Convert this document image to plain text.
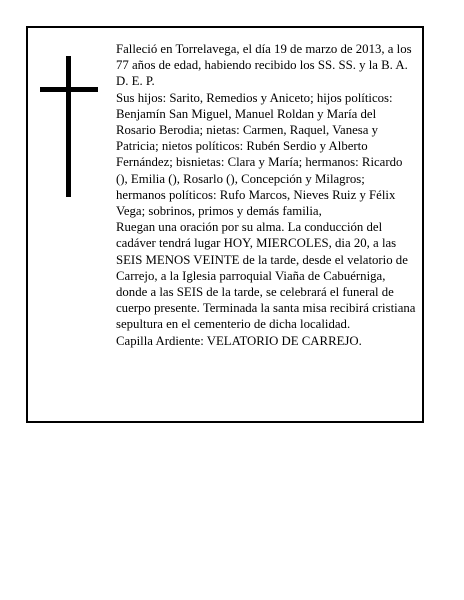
Falleció en Torrelavega, el día 19 de marzo de 2013, a los 77 años de edad, habiendo recibido los SS. SS. y la B. A.

D. E. P.

Sus hijos: Sarito, Remedios y Aniceto; hijos políticos: Benjamín San Miguel, Manuel Roldan y María del Rosario Berodia; nietas: Carmen, Raquel, Vanesa y Patricia; nietos políticos: Rubén Serdio y Alberto Fernández; bisnietas: Clara y María; hermanos: Ricardo (), Emilia (), Rosarlo (), Concepción y Milagros; hermanos políticos: Rufo Marcos, Nieves Ruiz y Félix Vega; sobrinos, primos y demás familia,

Ruegan una oración por su alma. La conducción del cadáver tendrá lugar HOY, MIERCOLES, dia 20, a las SEIS MENOS VEINTE de la tarde, desde el velatorio de Carrejo, a la Iglesia parroquial Viaña de Cabuérniga, donde a las SEIS de la tarde, se celebrará el funeral de cuerpo presente. Terminada la santa misa recibirá cristiana sepultura en el cementerio de dicha localidad.

Capilla Ardiente: VELATORIO DE CARREJO.
